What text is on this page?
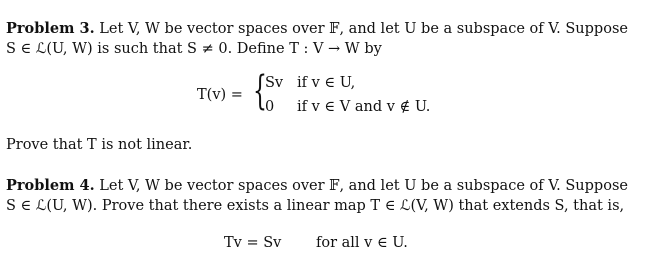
Problem 3. Let V, W be vector spaces over 𝔽, and let U be a subspace of V. Suppose
S ∈ ℒ(U, W) is such that S ≠ 0. Define T : V → W by
T(v) = {
Sv if v ∈ U,
0 if v ∈ V and v ∉ U.
Prove that T is not linear.
Problem 4. Let V, W be vector spaces over 𝔽, and let U be a subspace of V. Suppose
S ∈ ℒ(U, W). Prove that there exists a linear map T ∈ ℒ(V, W) that extends S, that is,
Tv = Sv for all v ∈ U.
